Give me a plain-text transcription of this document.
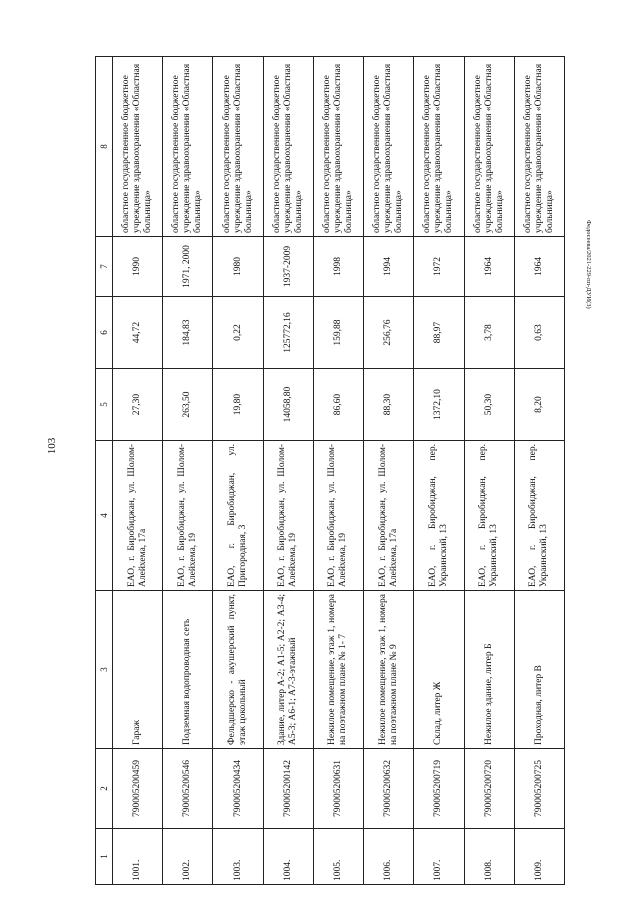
103
Федосеева/2021-229-пп-ДУИ(3)
1	2	3	4	5	6	7	8
1001.	790005200459	Гараж	ЕАО, г. Биробиджан, ул. Шолом-Алейхема, 17а	27,30	44,72	1990	областное государственное бюджетное учреждение здравоохранения «Областная больница»
1002.	790005200546	Подземная водопроводная сеть	ЕАО, г. Биробиджан, ул. Шолом-Алейхема, 19	263,50	184,83	1971, 2000	областное государственное бюджетное учреждение здравоохранения «Областная больница»
1003.	790005200434	Фельдшерско - акушерский пункт, этаж цокольный	ЕАО, г. Биробиджан, ул. Пригородная, 3	19,80	0,22	1980	областное государственное бюджетное учреждение здравоохранения «Областная больница»
1004.	790005200142	Здание, литер А-2; А1-5; А2-2; А3-4; А5-3; А6-1; А7-3-этажный	ЕАО, г. Биробиджан, ул. Шолом-Алейхема, 19	14058,80	125772,16	1937-2009	областное государственное бюджетное учреждение здравоохранения «Областная больница»
1005.	790005200631	Нежилое помещение, этаж 1, номера на поэтажном плане № 1- 7	ЕАО, г. Биробиджан, ул. Шолом-Алейхема, 19	86,60	159,88	1998	областное государственное бюджетное учреждение здравоохранения «Областная больница»
1006.	790005200632	Нежилое помещение, этаж 1, номера на поэтажном плане № 9	ЕАО, г. Биробиджан, ул. Шолом-Алейхема, 17а	88,30	256,76	1994	областное государственное бюджетное учреждение здравоохранения «Областная больница»
1007.	790005200719	Склад, литер Ж	ЕАО, г. Биробиджан, пер. Украинский, 13	1372,10	88,97	1972	областное государственное бюджетное учреждение здравоохранения «Областная больница»
1008.	790005200720	Нежилое здание, литер Б	ЕАО, г. Биробиджан, пер. Украинский, 13	50,30	3,78	1964	областное государственное бюджетное учреждение здравоохранения «Областная больница»
1009.	790005200725	Проходная, литер В	ЕАО, г. Биробиджан, пер. Украинский, 13	8,20	0,63	1964	областное государственное бюджетное учреждение здравоохранения «Областная больница»
